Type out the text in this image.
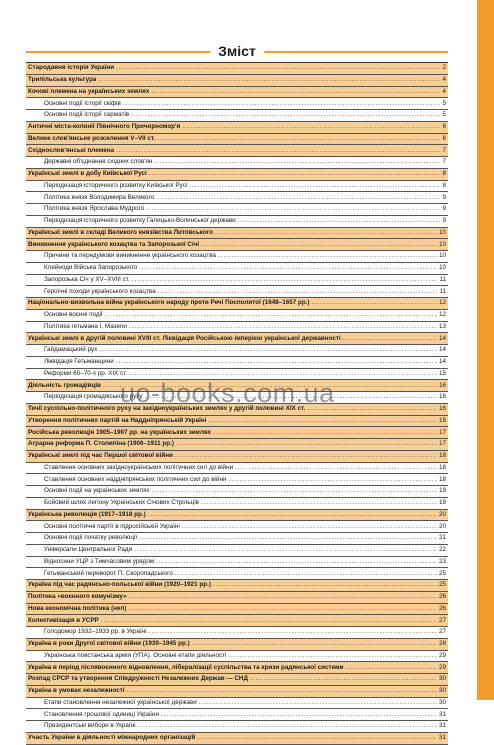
Зміст
Стародавня історія України .....	2
Трипільська культура .....	4
Кочові племена на українських землях .....	4
Основні події історії скіфів .....	5
Основні події історії сарматів .....	5
Античні міста-колонії Північного Причорномор'я .....	6
Велике слов'янське розселення V–VII ст. .....	6
Східнослов'янські племена .....	7
Державні об'єднання східних слов'ян .....	7
Українські землі в добу Київської Русі .....	8
Періодизація історичного розвитку Київської Русі .....	8
Політика князя Володимира Великого .....	9
Політика князя Ярослава Мудрого .....	9
Періодизація історичного розвитку Галицько-Волинської держави .....	9
Українські землі в складі Великого князівства Литовського .....	10
Виникнення українського козацтва та Запорозької Січі .....	10
Причини та передумови виникнення українського козацтва .....	10
Клейноди Війська Запорозького .....	10
Запорозька Січ у XV–XVIII ст. .....	11
Героїчні походи українського козацтва .....	11
Національно-визвольна війна українського народу проти Речі Посполитої (1648–1657 рр.) .....	12
Основні воєнні події .....	12
Політика гетьмана І. Мазепи .....	13
Українські землі в другій половині XVIII ст. Ліквідація Російською імперією української державності .....	14
Гайдамацький рух .....	14
Ліквідація Гетьманщини .....	14
Реформи 60–70-х рр. XIX ст. .....	15
Діяльність громадівців .....	16
Періодизація громадівського руху .....	16
Течії суспільно-політичного руху на західноукраїнських землях у другій половині XIX ст. .....	16
Утворення політичних партій на Наддніпрянській Україні .....	16
Російська революція 1905–1907 рр. на українських землях .....	17
Аграрна реформа П. Столипіна (1906–1911 рр.) .....	17
Українські землі під час Першої світової війни .....	18
Ставлення основних західноукраїнських політичних сил до війни .....	18
Ставлення основних наддніпрянських політичних сил до війни .....	18
Основні події на українських землях .....	19
Бойовий шлях легіону Українських Січових Стрільців .....	19
Українська революція (1917–1918 рр.) .....	20
Основні політичні партії в підросійській Україні .....	20
Основні події початку революції .....	21
Універсали Центральної Ради .....	22
Відносини УЦР з Тимчасовим урядом .....	23
Гетьманський переворот П. Скоропадського .....	25
Україна під час радянсько-польської війни (1920–1921 рр.) .....	25
Політика «воєнного комунізму» .....	26
Нова економічна політика (неп) .....	26
Колективізація в УСРР .....	27
Голодомор 1932–1933 рр. в Україні .....	27
Україна в роки Другої світової війни (1939–1945 рр.) .....	28
Українська повстанська армія (УПА). Основні етапи діяльності .....	29
Україна в період післявоєнного відновлення, лібералізації суспільства та кризи радянської системи .....	29
Розпад СРСР та утворення Співдружності Незалежних Держав — СНД .....	30
Україна в умовах незалежності .....	30
Етапи становлення незалежної української держави .....	30
Становлення грошової одиниці України .....	31
Президентські вибори в Україні .....	31
Участь України в діяльності міжнародних організацій .....	31
uo-books.com.ua
